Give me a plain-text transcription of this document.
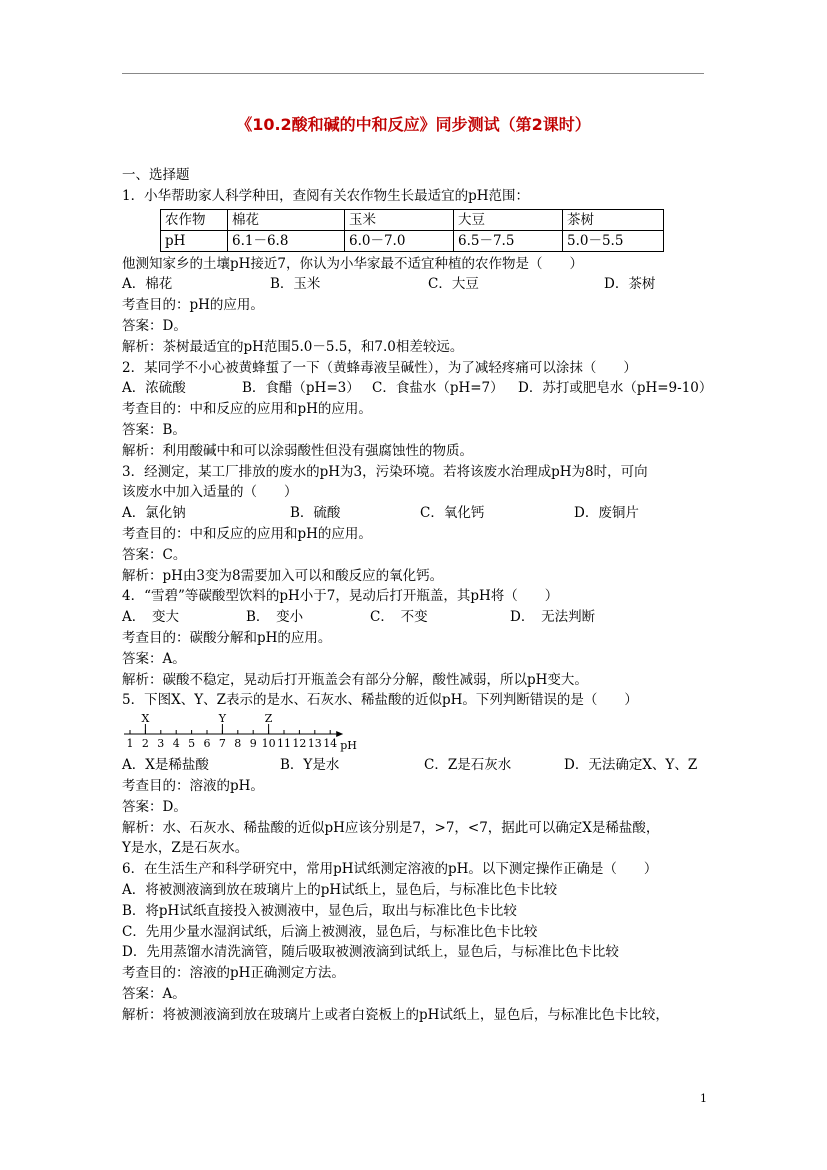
《10.2酸和碱的中和反应》同步测试（第2课时）
一、选择题
1．小华帮助家人科学种田，查阅有关农作物生长最适宜的pH范围：
农作物	棉花	玉米	大豆	茶树
pH	6.1－6.8	6.0－7.0	6.5－7.5	5.0－5.5
他测知家乡的土壤pH接近7，你认为小华家最不适宜种植的农作物是（　　）
A．棉花	B．玉米	C．大豆	D．茶树
考查目的：pH的应用。
答案：D。
解析：茶树最适宜的pH范围5.0－5.5，和7.0相差较远。
2．某同学不小心被黄蜂蜇了一下（黄蜂毒液呈碱性），为了减轻疼痛可以涂抹（　　）
A．浓硫酸	B．食醋（pH=3） C．食盐水（pH=7）	D．苏打或肥皂水（pH=9-10）
考查目的：中和反应的应用和pH的应用。
答案：B。
解析：利用酸碱中和可以涂弱酸性但没有强腐蚀性的物质。
3．经测定，某工厂排放的废水的pH为3，污染环境。若将该废水治理成pH为8时，可向
该废水中加入适量的（　　）
A．氯化钠	B．硫酸	C．氧化钙	D．废铜片
考查目的：中和反应的应用和pH的应用。
答案：C。
解析：pH由3变为8需要加入可以和酸反应的氧化钙。
4．“雪碧”等碳酸型饮料的pH小于7，晃动后打开瓶盖，其pH将（　　）
A．　变大	B．　变小	C．　不变	D．　无法判断
考查目的：碳酸分解和pH的应用。
答案：A。
解析：碳酸不稳定，晃动后打开瓶盖会有部分分解，酸性减弱，所以pH变大。
5．下图X、Y、Z表示的是水、石灰水、稀盐酸的近似pH。下列判断错误的是（　　）
1 2 3 4 5 6 7 8 9 10 11 12 13 14 pH
X	Y	Z
A．X是稀盐酸	B．Y是水	C．Z是石灰水	D．无法确定X、Y、Z
考查目的：溶液的pH。
答案：D。
解析：水、石灰水、稀盐酸的近似pH应该分别是7，>7，<7，据此可以确定X是稀盐酸，
Y是水，Z是石灰水。
6．在生活生产和科学研究中，常用pH试纸测定溶液的pH。以下测定操作正确是（　　）
A．将被测液滴到放在玻璃片上的pH试纸上，显色后，与标准比色卡比较
B．将pH试纸直接投入被测液中，显色后，取出与标准比色卡比较
C．先用少量水湿润试纸，后滴上被测液，显色后，与标准比色卡比较
D．先用蒸馏水清洗滴管，随后吸取被测液滴到试纸上，显色后，与标准比色卡比较
考查目的：溶液的pH正确测定方法。
答案：A。
解析：将被测液滴到放在玻璃片上或者白瓷板上的pH试纸上，显色后，与标准比色卡比较，
1
